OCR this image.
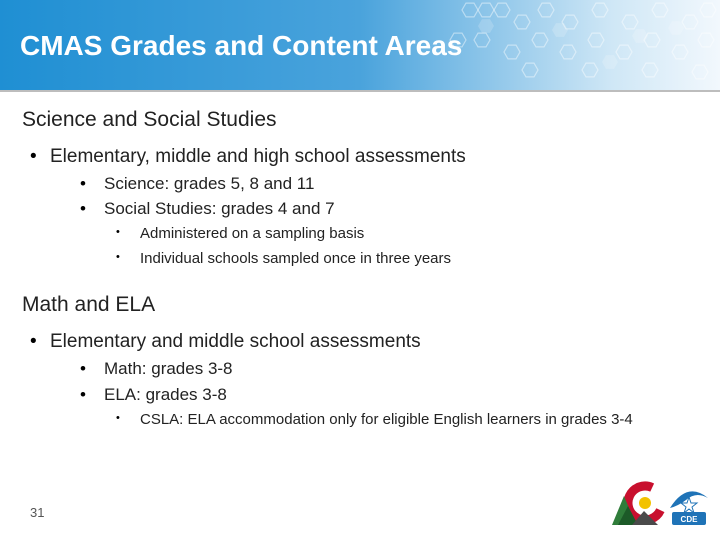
CMAS Grades and Content Areas
Science and Social Studies
• Elementary, middle and high school assessments
• Science: grades 5, 8 and 11
• Social Studies: grades 4 and 7
• Administered on a sampling basis
• Individual schools sampled once in three years
Math and ELA
• Elementary and middle school assessments
• Math: grades 3-8
• ELA: grades 3-8
• CSLA: ELA accommodation only for eligible English learners in grades 3-4
31	CDE
